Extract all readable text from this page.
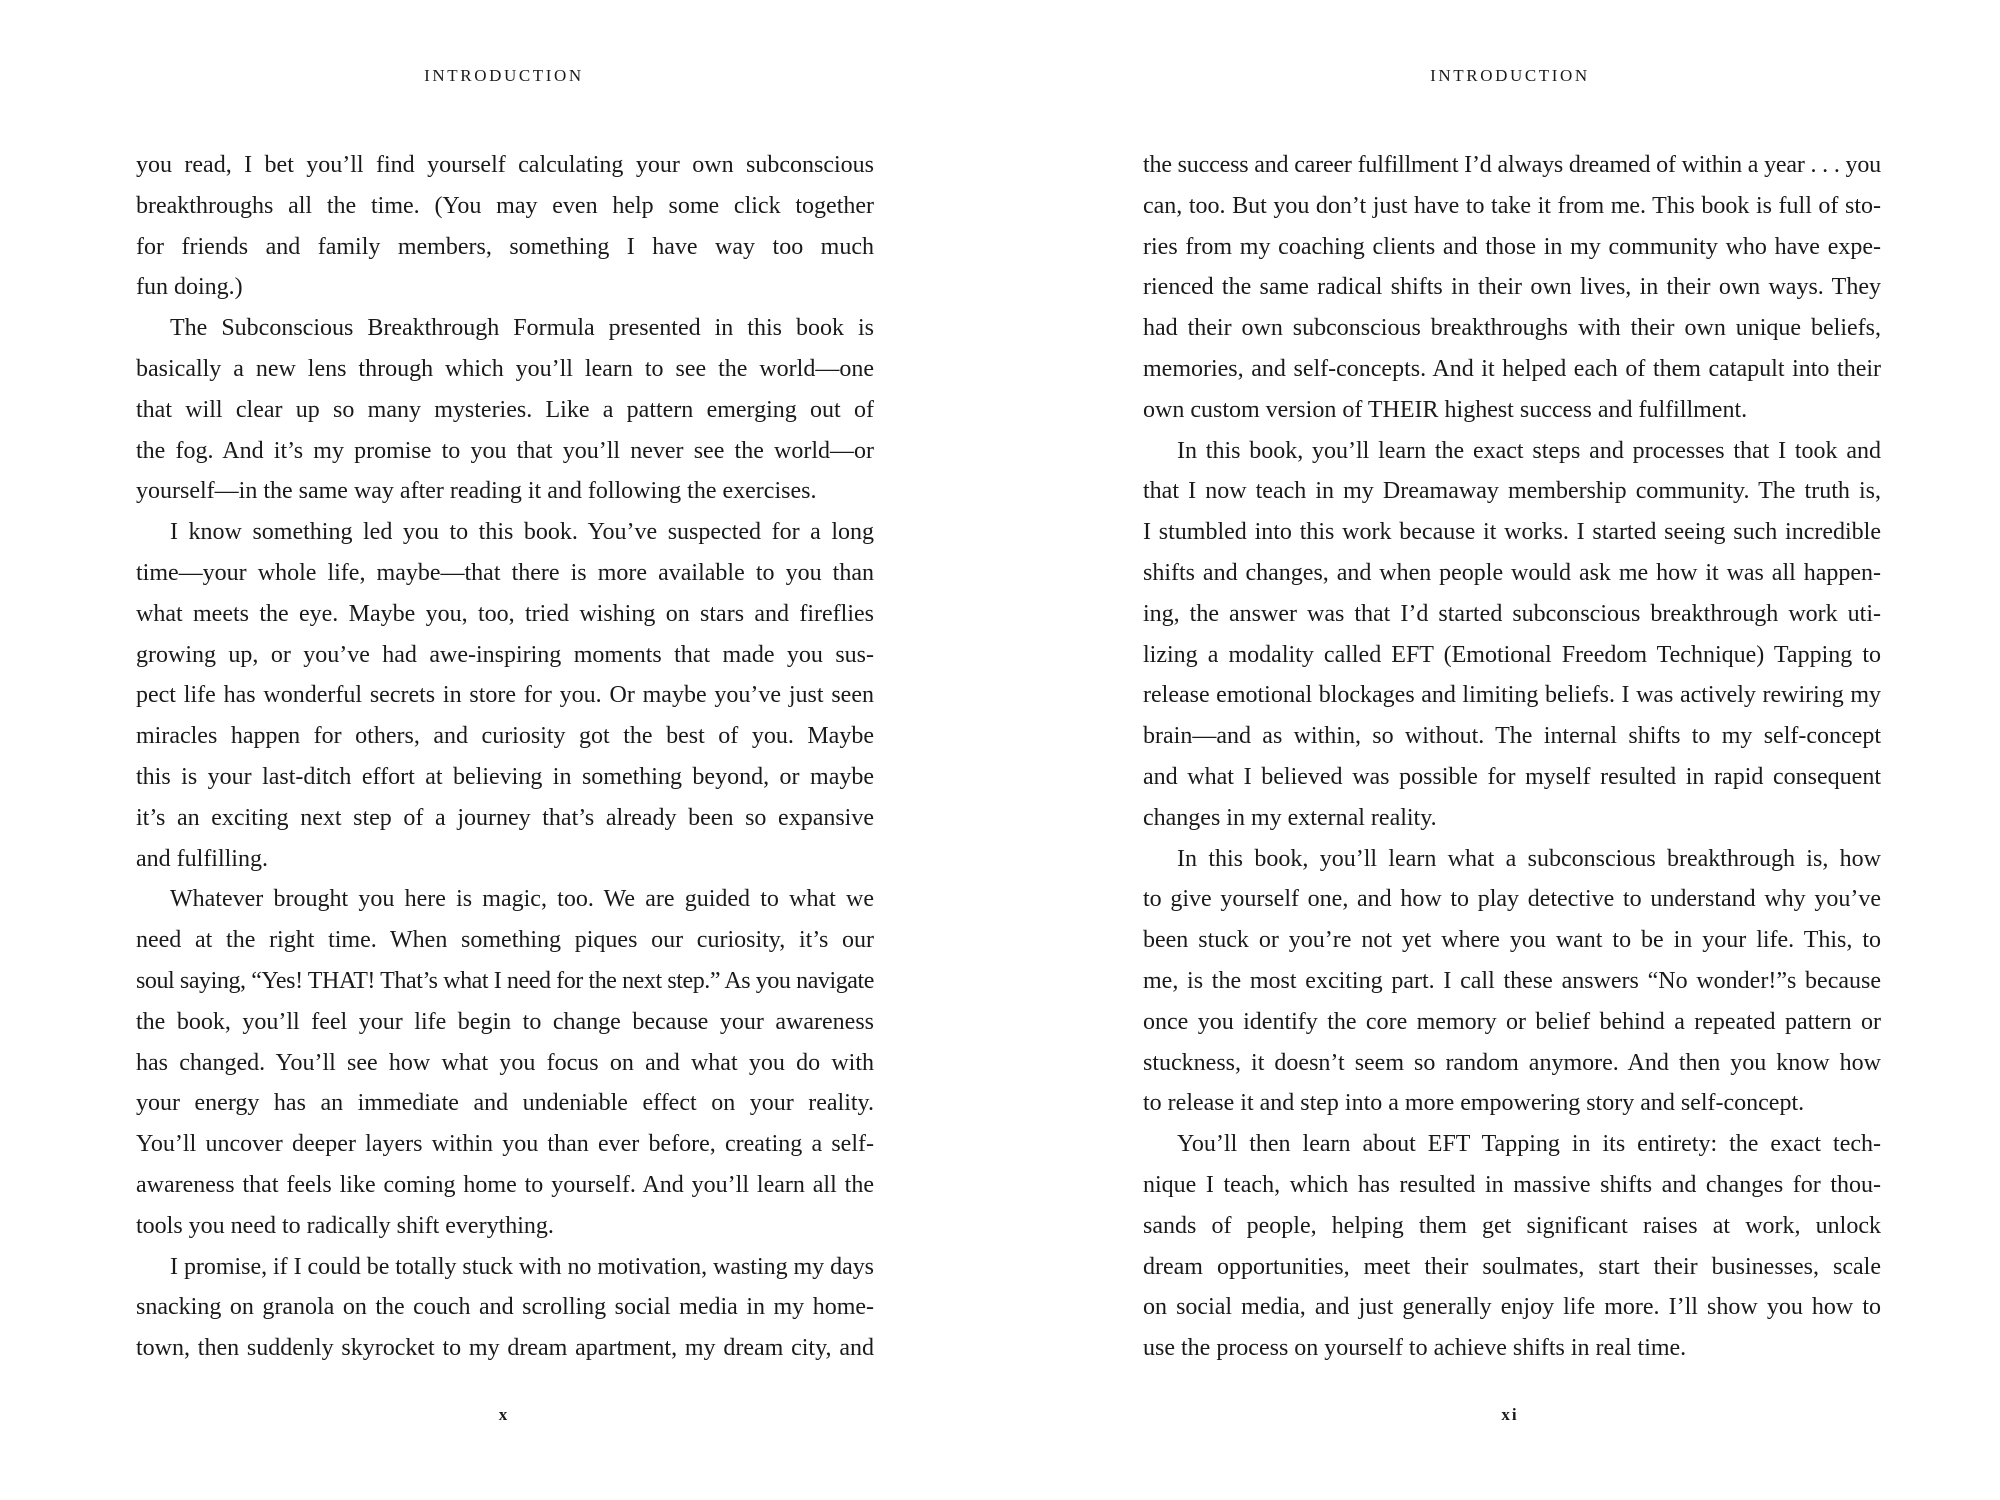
INTRODUCTION
you read, I bet you’ll find yourself calculating your own subconscious
breakthroughs all the time. (You may even help some click together
for friends and family members, something I have way too much
fun doing.)
The Subconscious Breakthrough Formula presented in this book is
basically a new lens through which you’ll learn to see the world—one
that will clear up so many mysteries. Like a pattern emerging out of
the fog. And it’s my promise to you that you’ll never see the world—or
yourself—in the same way after reading it and following the exercises.
I know something led you to this book. You’ve suspected for a long
time—your whole life, maybe—that there is more available to you than
what meets the eye. Maybe you, too, tried wishing on stars and fireflies
growing up, or you’ve had awe-inspiring moments that made you sus-
pect life has wonderful secrets in store for you. Or maybe you’ve just seen
miracles happen for others, and curiosity got the best of you. Maybe
this is your last-ditch effort at believing in something beyond, or maybe
it’s an exciting next step of a journey that’s already been so expansive
and fulfilling.
Whatever brought you here is magic, too. We are guided to what we
need at the right time. When something piques our curiosity, it’s our
soul saying, “Yes! THAT! That’s what I need for the next step.” As you navigate
the book, you’ll feel your life begin to change because your awareness
has changed. You’ll see how what you focus on and what you do with
your energy has an immediate and undeniable effect on your reality.
You’ll uncover deeper layers within you than ever before, creating a self-
awareness that feels like coming home to yourself. And you’ll learn all the
tools you need to radically shift everything.
I promise, if I could be totally stuck with no motivation, wasting my days
snacking on granola on the couch and scrolling social media in my home-
town, then suddenly skyrocket to my dream apartment, my dream city, and
x
INTRODUCTION
the success and career fulfillment I’d always dreamed of within a year . . . you
can, too. But you don’t just have to take it from me. This book is full of sto-
ries from my coaching clients and those in my community who have expe-
rienced the same radical shifts in their own lives, in their own ways. They
had their own subconscious breakthroughs with their own unique beliefs,
memories, and self-concepts. And it helped each of them catapult into their
own custom version of THEIR highest success and fulfillment.
In this book, you’ll learn the exact steps and processes that I took and
that I now teach in my Dreamaway membership community. The truth is,
I stumbled into this work because it works. I started seeing such incredible
shifts and changes, and when people would ask me how it was all happen-
ing, the answer was that I’d started subconscious breakthrough work uti-
lizing a modality called EFT (Emotional Freedom Technique) Tapping to
release emotional blockages and limiting beliefs. I was actively rewiring my
brain—and as within, so without. The internal shifts to my self-concept
and what I believed was possible for myself resulted in rapid consequent
changes in my external reality.
In this book, you’ll learn what a subconscious breakthrough is, how
to give yourself one, and how to play detective to understand why you’ve
been stuck or you’re not yet where you want to be in your life. This, to
me, is the most exciting part. I call these answers “No wonder!”s because
once you identify the core memory or belief behind a repeated pattern or
stuckness, it doesn’t seem so random anymore. And then you know how
to release it and step into a more empowering story and self-concept.
You’ll then learn about EFT Tapping in its entirety: the exact tech-
nique I teach, which has resulted in massive shifts and changes for thou-
sands of people, helping them get significant raises at work, unlock
dream opportunities, meet their soulmates, start their businesses, scale
on social media, and just generally enjoy life more. I’ll show you how to
use the process on yourself to achieve shifts in real time.
xi
